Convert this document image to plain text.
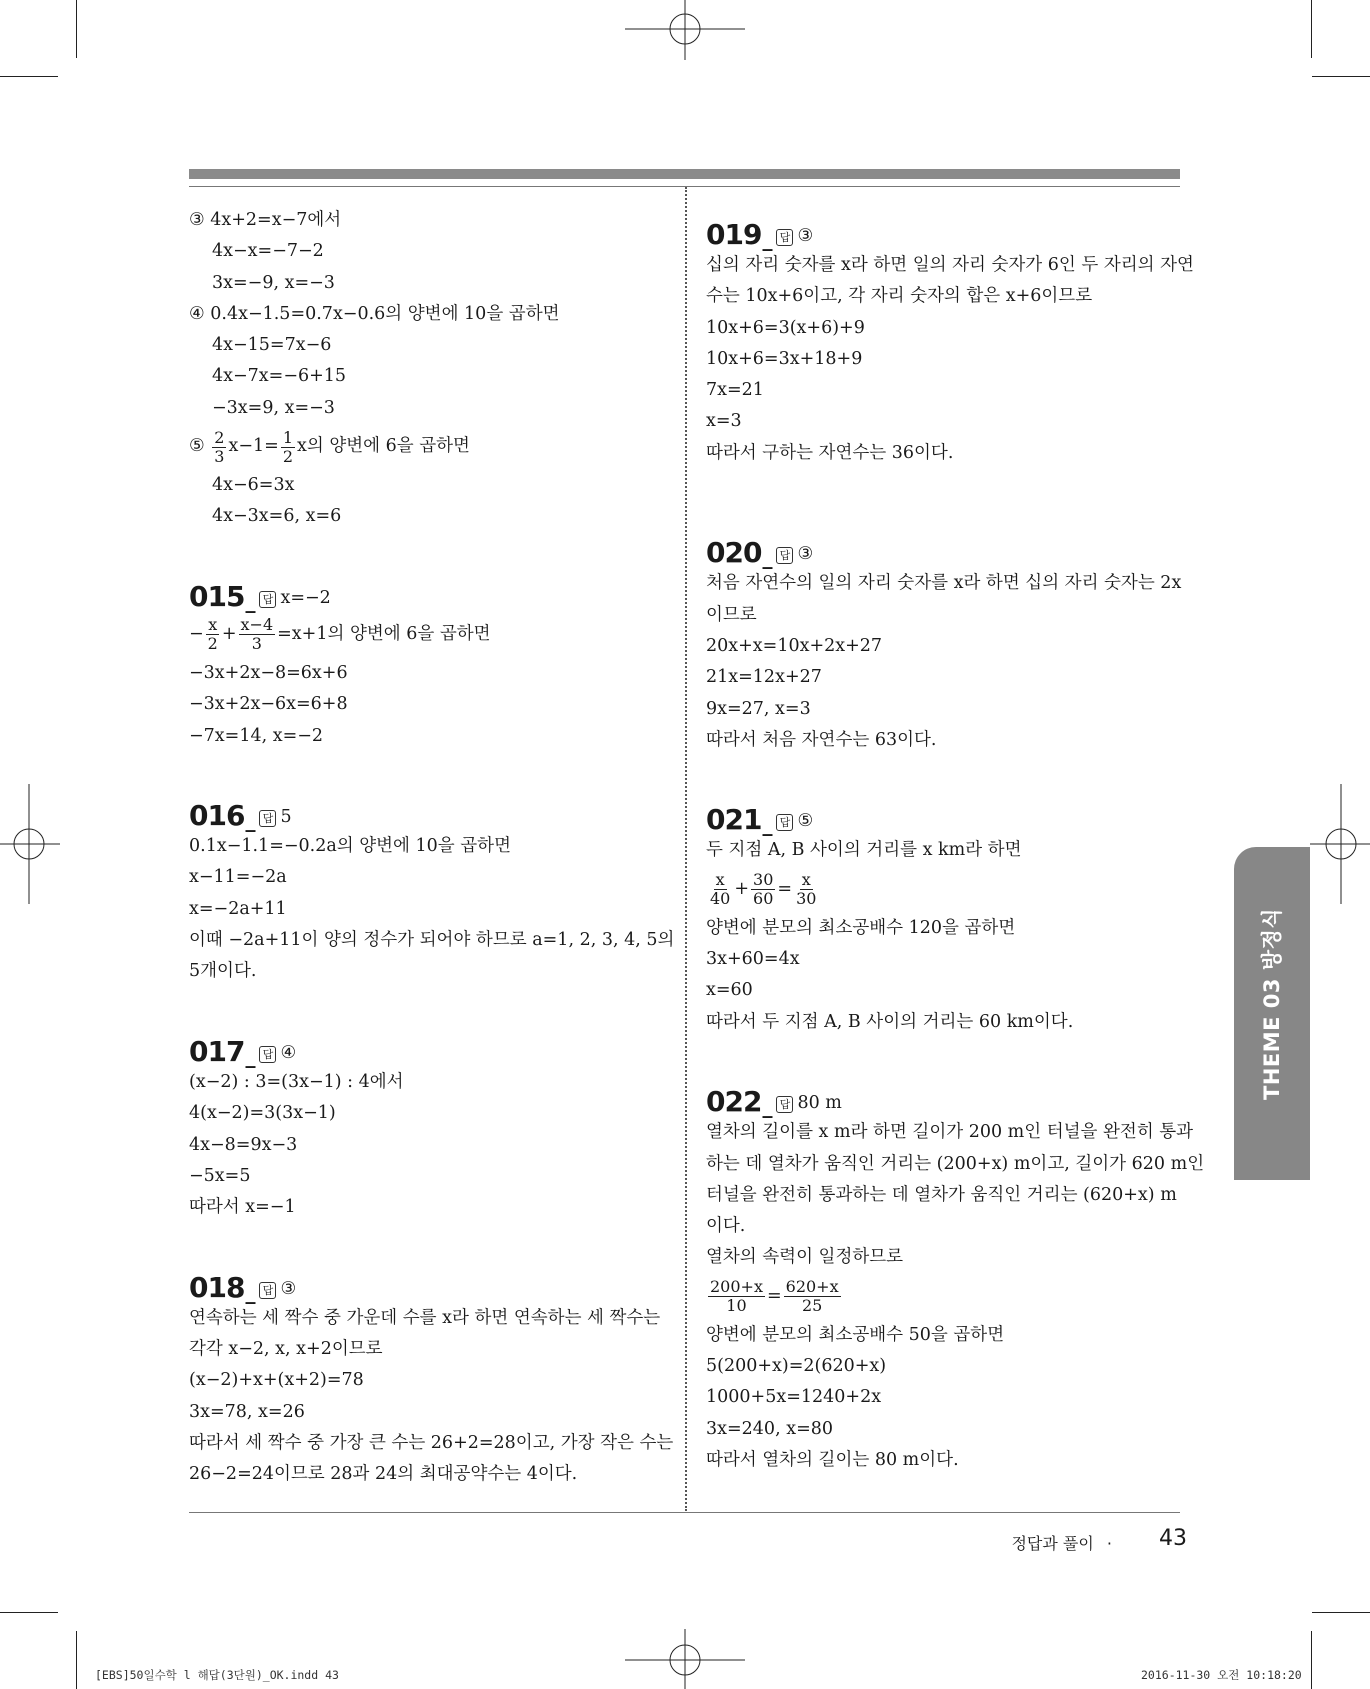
③ 4x+2=x−7에서
4x−x=−7−2
3x=−9, x=−3
④ 0.4x−1.5=0.7x−0.6의 양변에 10을 곱하면
4x−15=7x−6
4x−7x=−6+15
−3x=9, x=−3
⑤
$\frac{2}{3} x-1= \frac{1}{2}$ x의 양변에 6을 곱하면
4x−6=3x
4x−3x=6, x=6
015 _ 답 x=−2
− $\frac{x}{2} + \frac{x-4}{3} =x+1$의 양변에 6을 곱하면
−3x+2x−8=6x+6
−3x+2x−6x=6+8
−7x=14, x=−2
016 _ 답 5
0.1x−1.1=−0.2a의 양변에 10을 곱하면
x−11=−2a
x=−2a+11
이때 −2a+11이 양의 정수가 되어야 하므로 a=1, 2, 3, 4, 5의
5개이다.
017 _ 답 ④
(x−2) : 3=(3x−1) : 4에서
4(x−2)=3(3x−1)
4x−8=9x−3
−5x=5
따라서 x=−1
018 _ 답 ③
연속하는 세 짝수 중 가운데 수를 x라 하면 연속하는 세 짝수는
각각 x−2, x, x+2이므로
(x−2)+x+(x+2)=78
3x=78, x=26
따라서 세 짝수 중 가장 큰 수는 26+2=28이고, 가장 작은 수는
26−2=24이므로 28과 24의 최대공약수는 4이다.
019 _ 답 ③
십의 자리 숫자를 x라 하면 일의 자리 숫자가 6인 두 자리의 자연
수는 10x+6이고, 각 자리 숫자의 합은 x+6이므로
10x+6=3(x+6)+9
10x+6=3x+18+9
7x=21
x=3
따라서 구하는 자연수는 36이다.
020 _ 답 ③
처음 자연수의 일의 자리 숫자를 x라 하면 십의 자리 숫자는 2x
이므로
20x+x=10x+2x+27
21x=12x+27
9x=27, x=3
따라서 처음 자연수는 63이다.
021 _ 답 ⑤
두 지점 A, B 사이의 거리를 x km라 하면
$\frac{x}{40} + \frac{30}{60} = \frac{x}{30}$
양변에 분모의 최소공배수 120을 곱하면
3x+60=4x
x=60
따라서 두 지점 A, B 사이의 거리는 60 km이다.
022 _ 답 80 m
열차의 길이를 x m라 하면 길이가 200 m인 터널을 완전히 통과
하는 데 열차가 움직인 거리는 (200+x) m이고, 길이가 620 m인
터널을 완전히 통과하는 데 열차가 움직인 거리는 (620+x) m
이다.
열차의 속력이 일정하므로
$\frac{200+x}{10} = \frac{620+x}{25}$
양변에 분모의 최소공배수 50을 곱하면
5(200+x)=2(620+x)
1000+5x=1240+2x
3x=240, x=80
따라서 열차의 길이는 80 m이다.
THEME 03 방정식
정답과 풀이 ·	43
[EBS]50일수학 l 해답(3단원)_OK.indd 43	2016-11-30 오전 10:18:20
